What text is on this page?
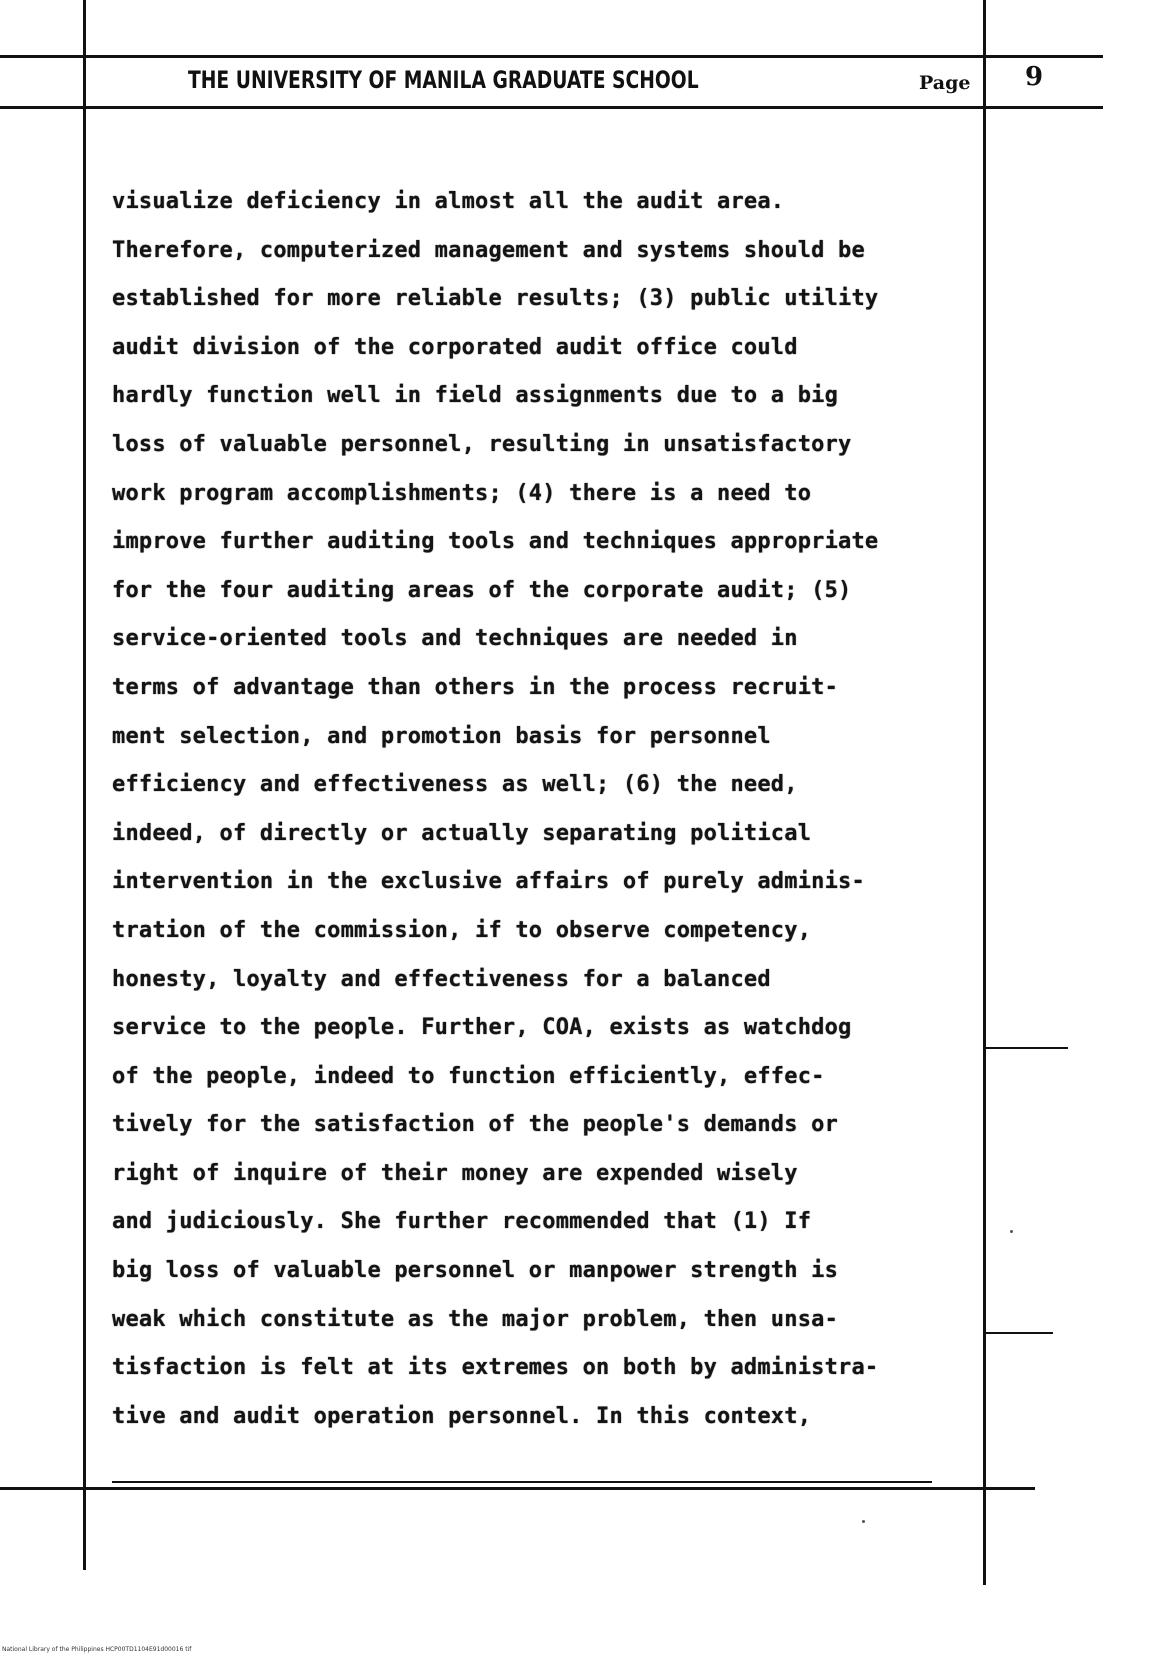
THE UNIVERSITY OF MANILA GRADUATE SCHOOL	Page 9
visualize deficiency in almost all the audit area.
Therefore, computerized management and systems should be
established for more reliable results; (3) public utility
audit division of the corporated audit office could
hardly function well in field assignments due to a big
loss of valuable personnel, resulting in unsatisfactory
work program accomplishments; (4) there is a need to
improve further auditing tools and techniques appropriate
for the four auditing areas of the corporate audit; (5)
service-oriented tools and techniques are needed in
terms of advantage than others in the process recruit-
ment selection, and promotion basis for personnel
efficiency and effectiveness as well; (6) the need,
indeed, of directly or actually separating political
intervention in the exclusive affairs of purely adminis-
tration of the commission, if to observe competency,
honesty, loyalty and effectiveness for a balanced
service to the people. Further, COA, exists as watchdog
of the people, indeed to function efficiently, effec-
tively for the satisfaction of the people's demands or
right of inquire of their money are expended wisely
and judiciously. She further recommended that (1) If
big loss of valuable personnel or manpower strength is
weak which constitute as the major problem, then unsa-
tisfaction is felt at its extremes on both by administra-
tive and audit operation personnel. In this context,
National Library of the Philippines HCP00TD1104E91d00016 tif
